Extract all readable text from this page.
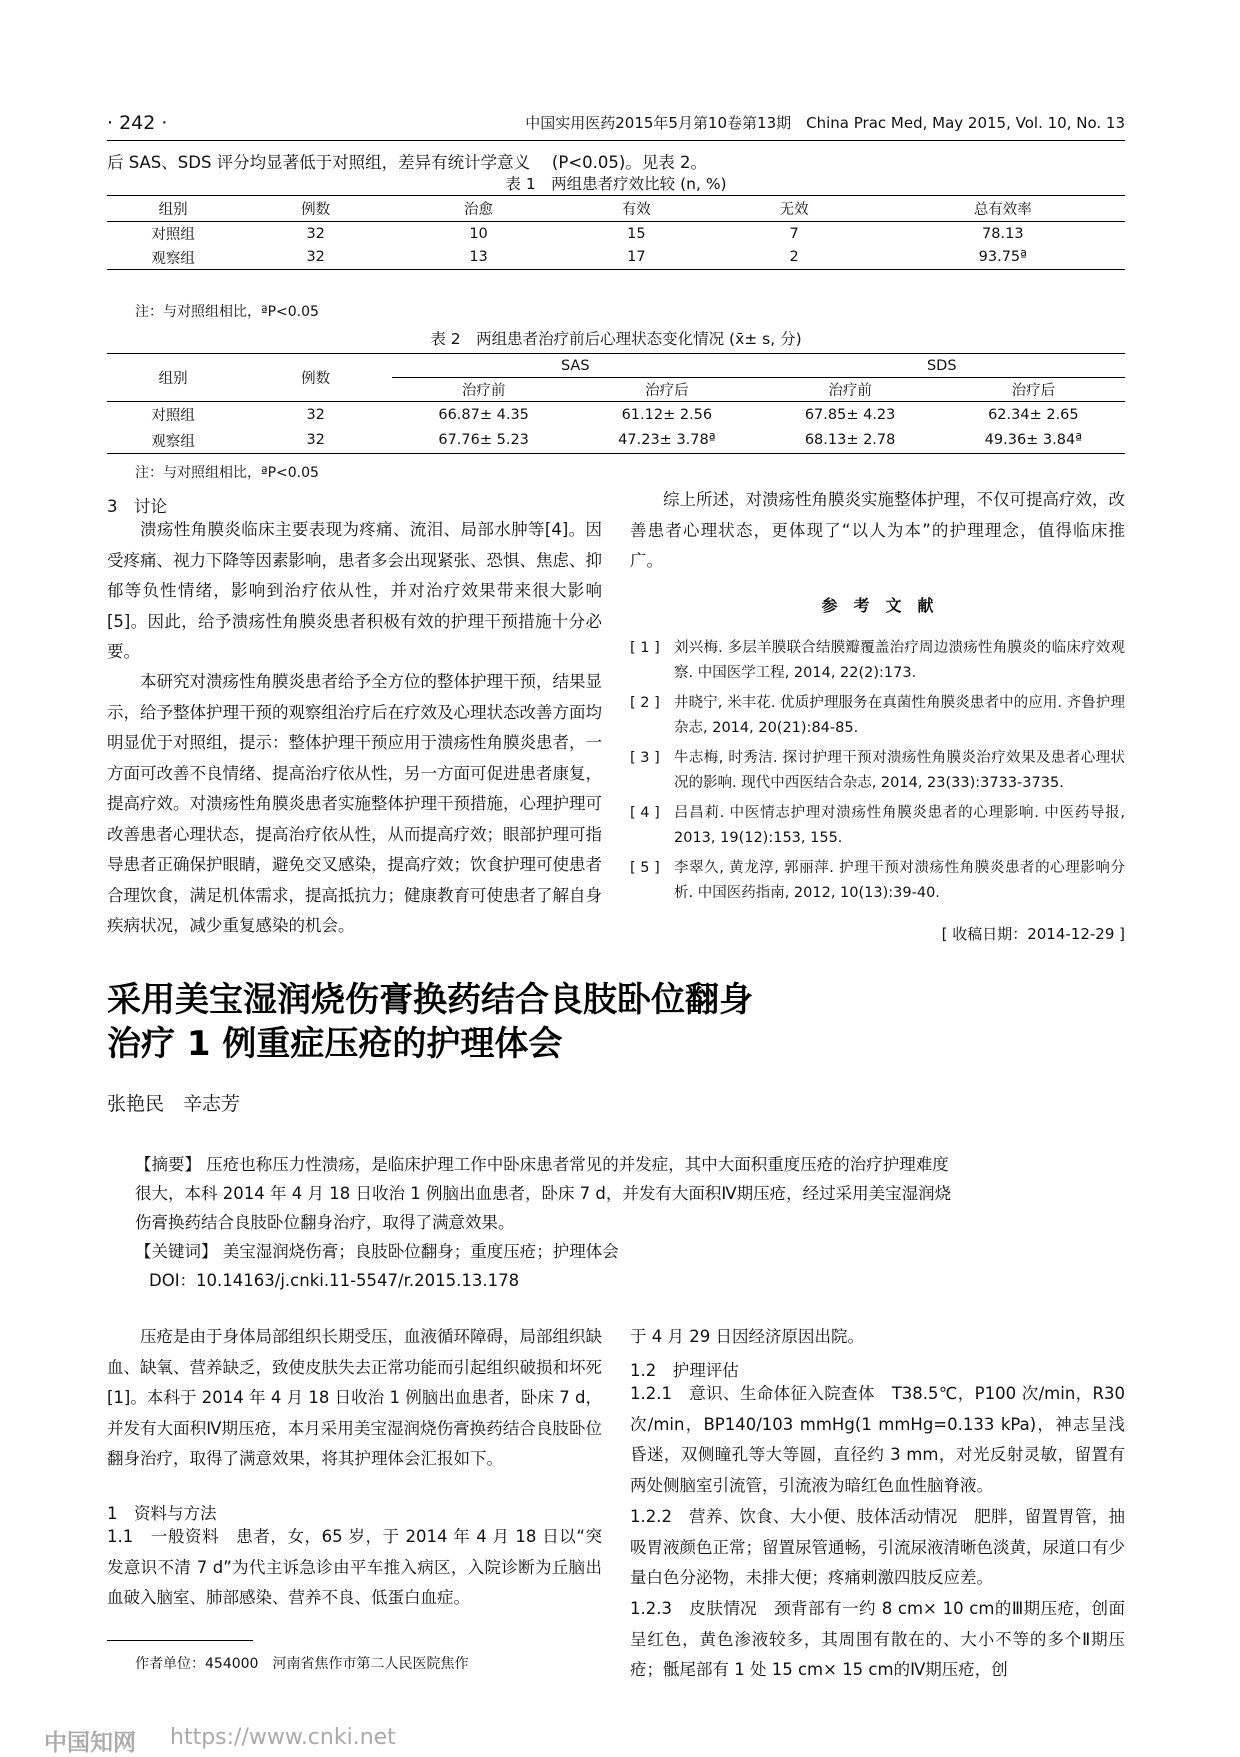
· 242 ·	中国实用医药2015年5月第10卷第13期　China Prac Med, May 2015, Vol. 10, No. 13
后 SAS、SDS 评分均显著低于对照组，差异有统计学意义 　(P<0.05)。见表 2。
表 1　两组患者疗效比较 (n, %)
组别	例数	治愈	有效	无效	总有效率
对照组	32	10	15	7	78.13
观察组	32	13	17	2	93.75ª
注：与对照组相比，ªP<0.05
表 2　两组患者治疗前后心理状态变化情况 (x̄± s, 分)
组别	例数	SAS		SDS	
		治疗前	治疗后	治疗前	治疗后
对照组	32	66.87± 4.35	61.12± 2.56	67.85± 4.23	62.34± 2.65
观察组	32	67.76± 5.23	47.23± 3.78ª	68.13± 2.78	49.36± 3.84ª
注：与对照组相比，ªP<0.05
3　讨论
溃疡性角膜炎临床主要表现为疼痛、流泪、局部水肿等[4]。因受疼痛、视力下降等因素影响，患者多会出现紧张、恐惧、焦虑、抑郁等负性情绪，影响到治疗依从性，并对治疗效果带来很大影响[5]。因此，给予溃疡性角膜炎患者积极有效的护理干预措施十分必要。
本研究对溃疡性角膜炎患者给予全方位的整体护理干预，结果显示，给予整体护理干预的观察组治疗后在疗效及心理状态改善方面均明显优于对照组，提示：整体护理干预应用于溃疡性角膜炎患者，一方面可改善不良情绪、提高治疗依从性，另一方面可促进患者康复，提高疗效。对溃疡性角膜炎患者实施整体护理干预措施，心理护理可改善患者心理状态，提高治疗依从性，从而提高疗效；眼部护理可指导患者正确保护眼睛，避免交叉感染，提高疗效；饮食护理可使患者合理饮食，满足机体需求，提高抵抗力；健康教育可使患者了解自身疾病状况，减少重复感染的机会。
综上所述，对溃疡性角膜炎实施整体护理，不仅可提高疗效，改善患者心理状态，更体现了“以人为本”的护理理念，值得临床推广。
参　考　文　献
[ 1 ] 刘兴梅. 多层羊膜联合结膜瓣覆盖治疗周边溃疡性角膜炎的临床疗效观察. 中国医学工程, 2014, 22(2):173.
[ 2 ] 井晓宁, 米丰花. 优质护理服务在真菌性角膜炎患者中的应用. 齐鲁护理杂志, 2014, 20(21):84-85.
[ 3 ] 牛志梅, 时秀洁. 探讨护理干预对溃疡性角膜炎治疗效果及患者心理状况的影响. 现代中西医结合杂志, 2014, 23(33):3733-3735.
[ 4 ] 吕昌莉. 中医情志护理对溃疡性角膜炎患者的心理影响. 中医药导报, 2013, 19(12):153, 155.
[ 5 ] 李翠久, 黄龙淳, 郭丽萍. 护理干预对溃疡性角膜炎患者的心理影响分析. 中国医药指南, 2012, 10(13):39-40.
[ 收稿日期：2014-12-29 ]
采用美宝湿润烧伤膏换药结合良肢卧位翻身
治疗 1 例重症压疮的护理体会
张艳民　辛志芳
【摘要】 压疮也称压力性溃疡，是临床护理工作中卧床患者常见的并发症，其中大面积重度压疮的治疗护理难度很大，本科 2014 年 4 月 18 日收治 1 例脑出血患者，卧床 7 d，并发有大面积Ⅳ期压疮，经过采用美宝湿润烧伤膏换药结合良肢卧位翻身治疗，取得了满意效果。
【关键词】 美宝湿润烧伤膏；良肢卧位翻身；重度压疮；护理体会
DOI：10.14163/j.cnki.11-5547/r.2015.13.178
压疮是由于身体局部组织长期受压，血液循环障碍，局部组织缺血、缺氧、营养缺乏，致使皮肤失去正常功能而引起组织破损和坏死[1]。本科于 2014 年 4 月 18 日收治 1 例脑出血患者，卧床 7 d，并发有大面积Ⅳ期压疮，本月采用美宝湿润烧伤膏换药结合良肢卧位翻身治疗，取得了满意效果，将其护理体会汇报如下。
1　资料与方法
1.1　一般资料　患者，女，65 岁，于 2014 年 4 月 18 日以“突发意识不清 7 d”为代主诉急诊由平车推入病区，入院诊断为丘脑出血破入脑室、肺部感染、营养不良、低蛋白血症。
于 4 月 29 日因经济原因出院。
1.2　护理评估
1.2.1　意识、生命体征入院查体　T38.5℃，P100 次/min，R30 次/min，BP140/103 mmHg(1 mmHg=0.133 kPa)，神志呈浅昏迷，双侧瞳孔等大等圆，直径约 3 mm，对光反射灵敏，留置有两处侧脑室引流管，引流液为暗红色血性脑脊液。
1.2.2　营养、饮食、大小便、肢体活动情况　肥胖，留置胃管，抽吸胃液颜色正常；留置尿管通畅，引流尿液清晰色淡黄，尿道口有少量白色分泌物，未排大便；疼痛刺激四肢反应差。
1.2.3　皮肤情况　颈背部有一约 8 cm× 10 cm的Ⅲ期压疮，创面呈红色，黄色渗液较多，其周围有散在的、大小不等的多个Ⅱ期压疮；骶尾部有 1 处 15 cm× 15 cm的Ⅳ期压疮，创
作者单位：454000　河南省焦作市第二人民医院焦作
中国知网 https://www.cnki.net
